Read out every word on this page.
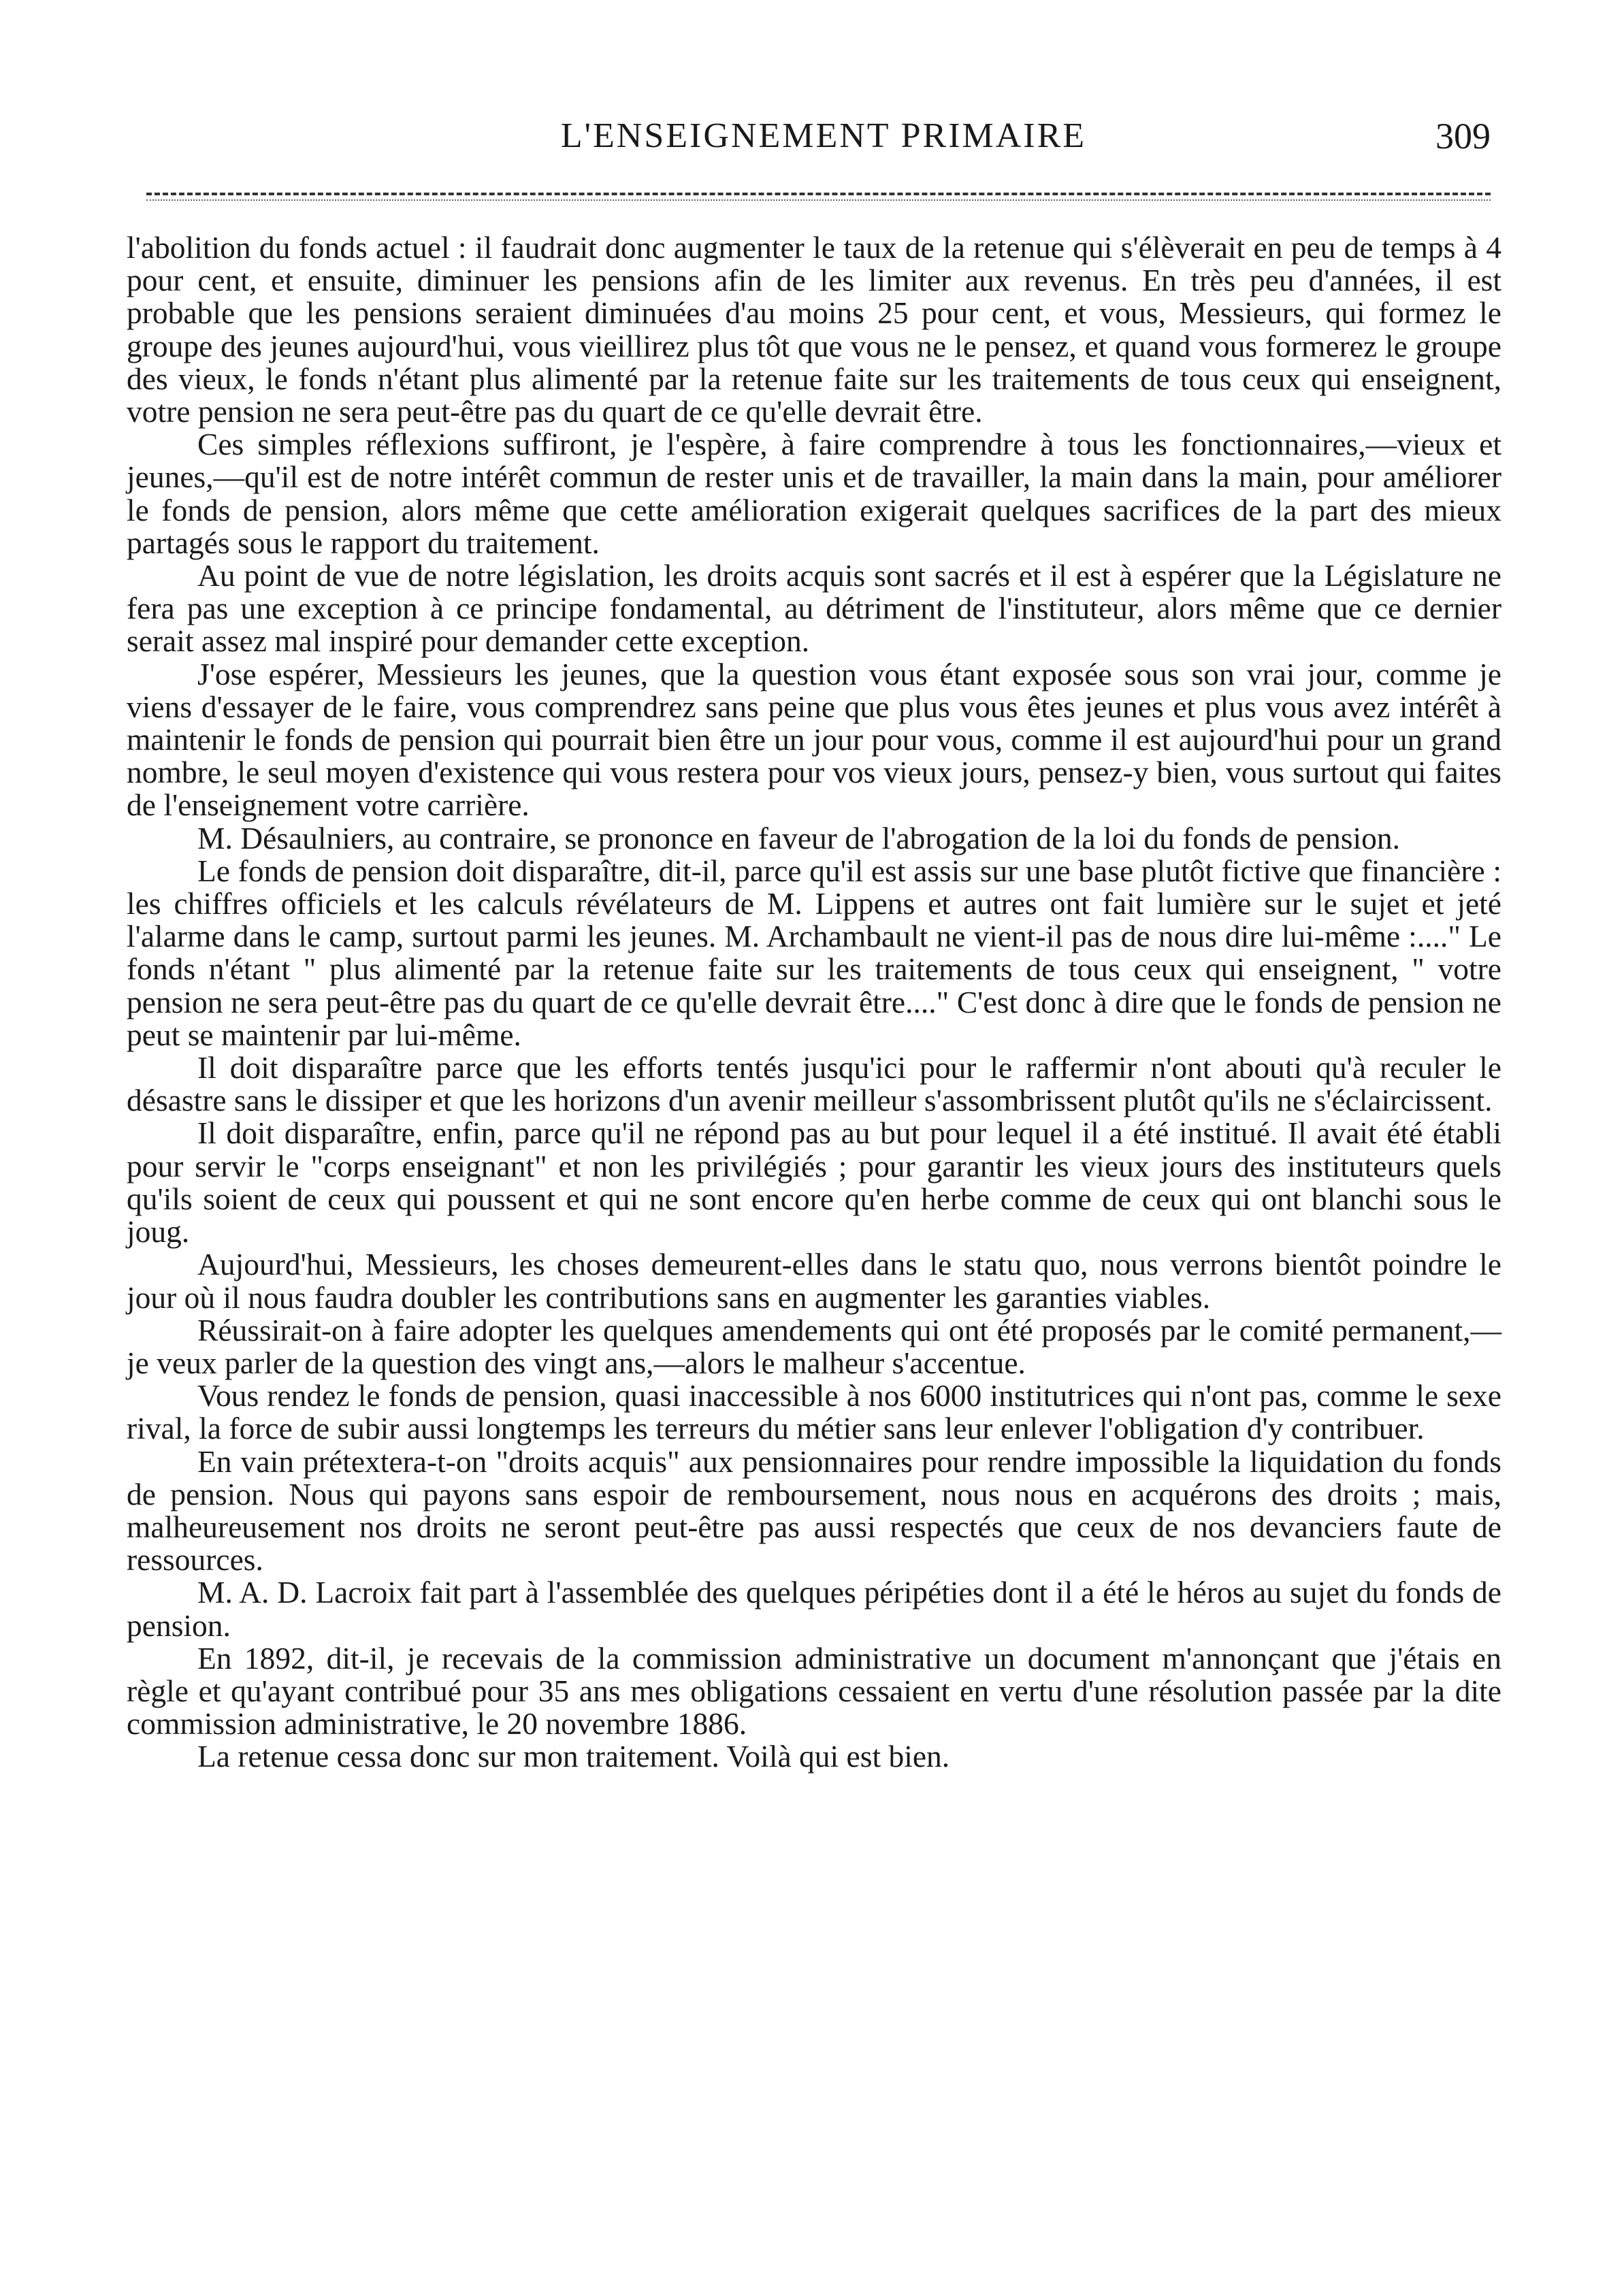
L'ENSEIGNEMENT PRIMAIRE	309

l'abolition du fonds actuel : il faudrait donc augmenter le taux de la retenue qui s'élèverait en peu de temps à 4 pour cent, et ensuite, diminuer les pensions afin de les limiter aux revenus. En très peu d'années, il est probable que les pensions seraient diminuées d'au moins 25 pour cent, et vous, Messieurs, qui formez le groupe des jeunes aujourd'hui, vous vieillirez plus tôt que vous ne le pensez, et quand vous formerez le groupe des vieux, le fonds n'étant plus alimenté par la retenue faite sur les traitements de tous ceux qui enseignent, votre pension ne sera peut-être pas du quart de ce qu'elle devrait être.

Ces simples réflexions suffiront, je l'espère, à faire comprendre à tous les fonctionnaires,—vieux et jeunes,—qu'il est de notre intérêt commun de rester unis et de travailler, la main dans la main, pour améliorer le fonds de pension, alors même que cette amélioration exigerait quelques sacrifices de la part des mieux partagés sous le rapport du traitement.

Au point de vue de notre législation, les droits acquis sont sacrés et il est à espérer que la Législature ne fera pas une exception à ce principe fondamental, au détriment de l'instituteur, alors même que ce dernier serait assez mal inspiré pour demander cette exception.

J'ose espérer, Messieurs les jeunes, que la question vous étant exposée sous son vrai jour, comme je viens d'essayer de le faire, vous comprendrez sans peine que plus vous êtes jeunes et plus vous avez intérêt à maintenir le fonds de pension qui pourrait bien être un jour pour vous, comme il est aujourd'hui pour un grand nombre, le seul moyen d'existence qui vous restera pour vos vieux jours, pensez-y bien, vous surtout qui faites de l'enseignement votre carrière.

M. Désaulniers, au contraire, se prononce en faveur de l'abrogation de la loi du fonds de pension.

Le fonds de pension doit disparaître, dit-il, parce qu'il est assis sur une base plutôt fictive que financière : les chiffres officiels et les calculs révélateurs de M. Lippens et autres ont fait lumière sur le sujet et jeté l'alarme dans le camp, surtout parmi les jeunes. M. Archambault ne vient-il pas de nous dire lui-même :...." Le fonds n'étant " plus alimenté par la retenue faite sur les traitements de tous ceux qui enseignent, " votre pension ne sera peut-être pas du quart de ce qu'elle devrait être...." C'est donc à dire que le fonds de pension ne peut se maintenir par lui-même.

Il doit disparaître parce que les efforts tentés jusqu'ici pour le raffermir n'ont abouti qu'à reculer le désastre sans le dissiper et que les horizons d'un avenir meilleur s'assombrissent plutôt qu'ils ne s'éclaircissent.

Il doit disparaître, enfin, parce qu'il ne répond pas au but pour lequel il a été institué. Il avait été établi pour servir le "corps enseignant" et non les privilégiés ; pour garantir les vieux jours des instituteurs quels qu'ils soient de ceux qui poussent et qui ne sont encore qu'en herbe comme de ceux qui ont blanchi sous le joug.

Aujourd'hui, Messieurs, les choses demeurent-elles dans le statu quo, nous verrons bientôt poindre le jour où il nous faudra doubler les contributions sans en augmenter les garanties viables.

Réussirait-on à faire adopter les quelques amendements qui ont été proposés par le comité permanent,—je veux parler de la question des vingt ans,—alors le malheur s'accentue.

Vous rendez le fonds de pension, quasi inaccessible à nos 6000 institutrices qui n'ont pas, comme le sexe rival, la force de subir aussi longtemps les terreurs du métier sans leur enlever l'obligation d'y contribuer.

En vain prétextera-t-on "droits acquis" aux pensionnaires pour rendre impossible la liquidation du fonds de pension. Nous qui payons sans espoir de remboursement, nous nous en acquérons des droits ; mais, malheureusement nos droits ne seront peut-être pas aussi respectés que ceux de nos devanciers faute de ressources.

M. A. D. Lacroix fait part à l'assemblée des quelques péripéties dont il a été le héros au sujet du fonds de pension.

En 1892, dit-il, je recevais de la commission administrative un document m'annonçant que j'étais en règle et qu'ayant contribué pour 35 ans mes obligations cessaient en vertu d'une résolution passée par la dite commission administrative, le 20 novembre 1886.

La retenue cessa donc sur mon traitement. Voilà qui est bien.
